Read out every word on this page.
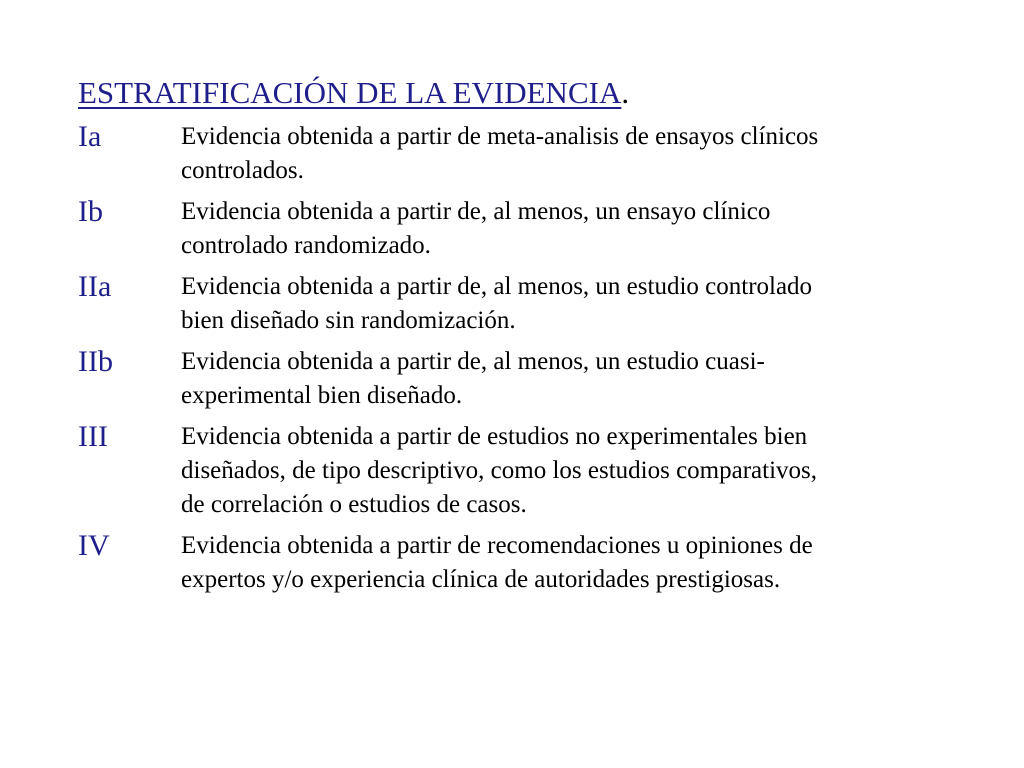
ESTRATIFICACIÓN DE LA EVIDENCIA.
Ia	Evidencia obtenida a partir de meta-analisis de ensayos clínicos
controlados.
Ib	Evidencia obtenida a partir de, al menos, un ensayo clínico
controlado randomizado.
IIa	Evidencia obtenida a partir de, al menos, un estudio controlado
bien diseñado sin randomización.
IIb	Evidencia obtenida a partir de, al menos, un estudio cuasi-
experimental bien diseñado.
III	Evidencia obtenida a partir de estudios no experimentales bien
diseñados, de tipo descriptivo, como los estudios comparativos,
de correlación o estudios de casos.
IV	Evidencia obtenida a partir de recomendaciones u opiniones de
expertos y/o experiencia clínica de autoridades prestigiosas.
